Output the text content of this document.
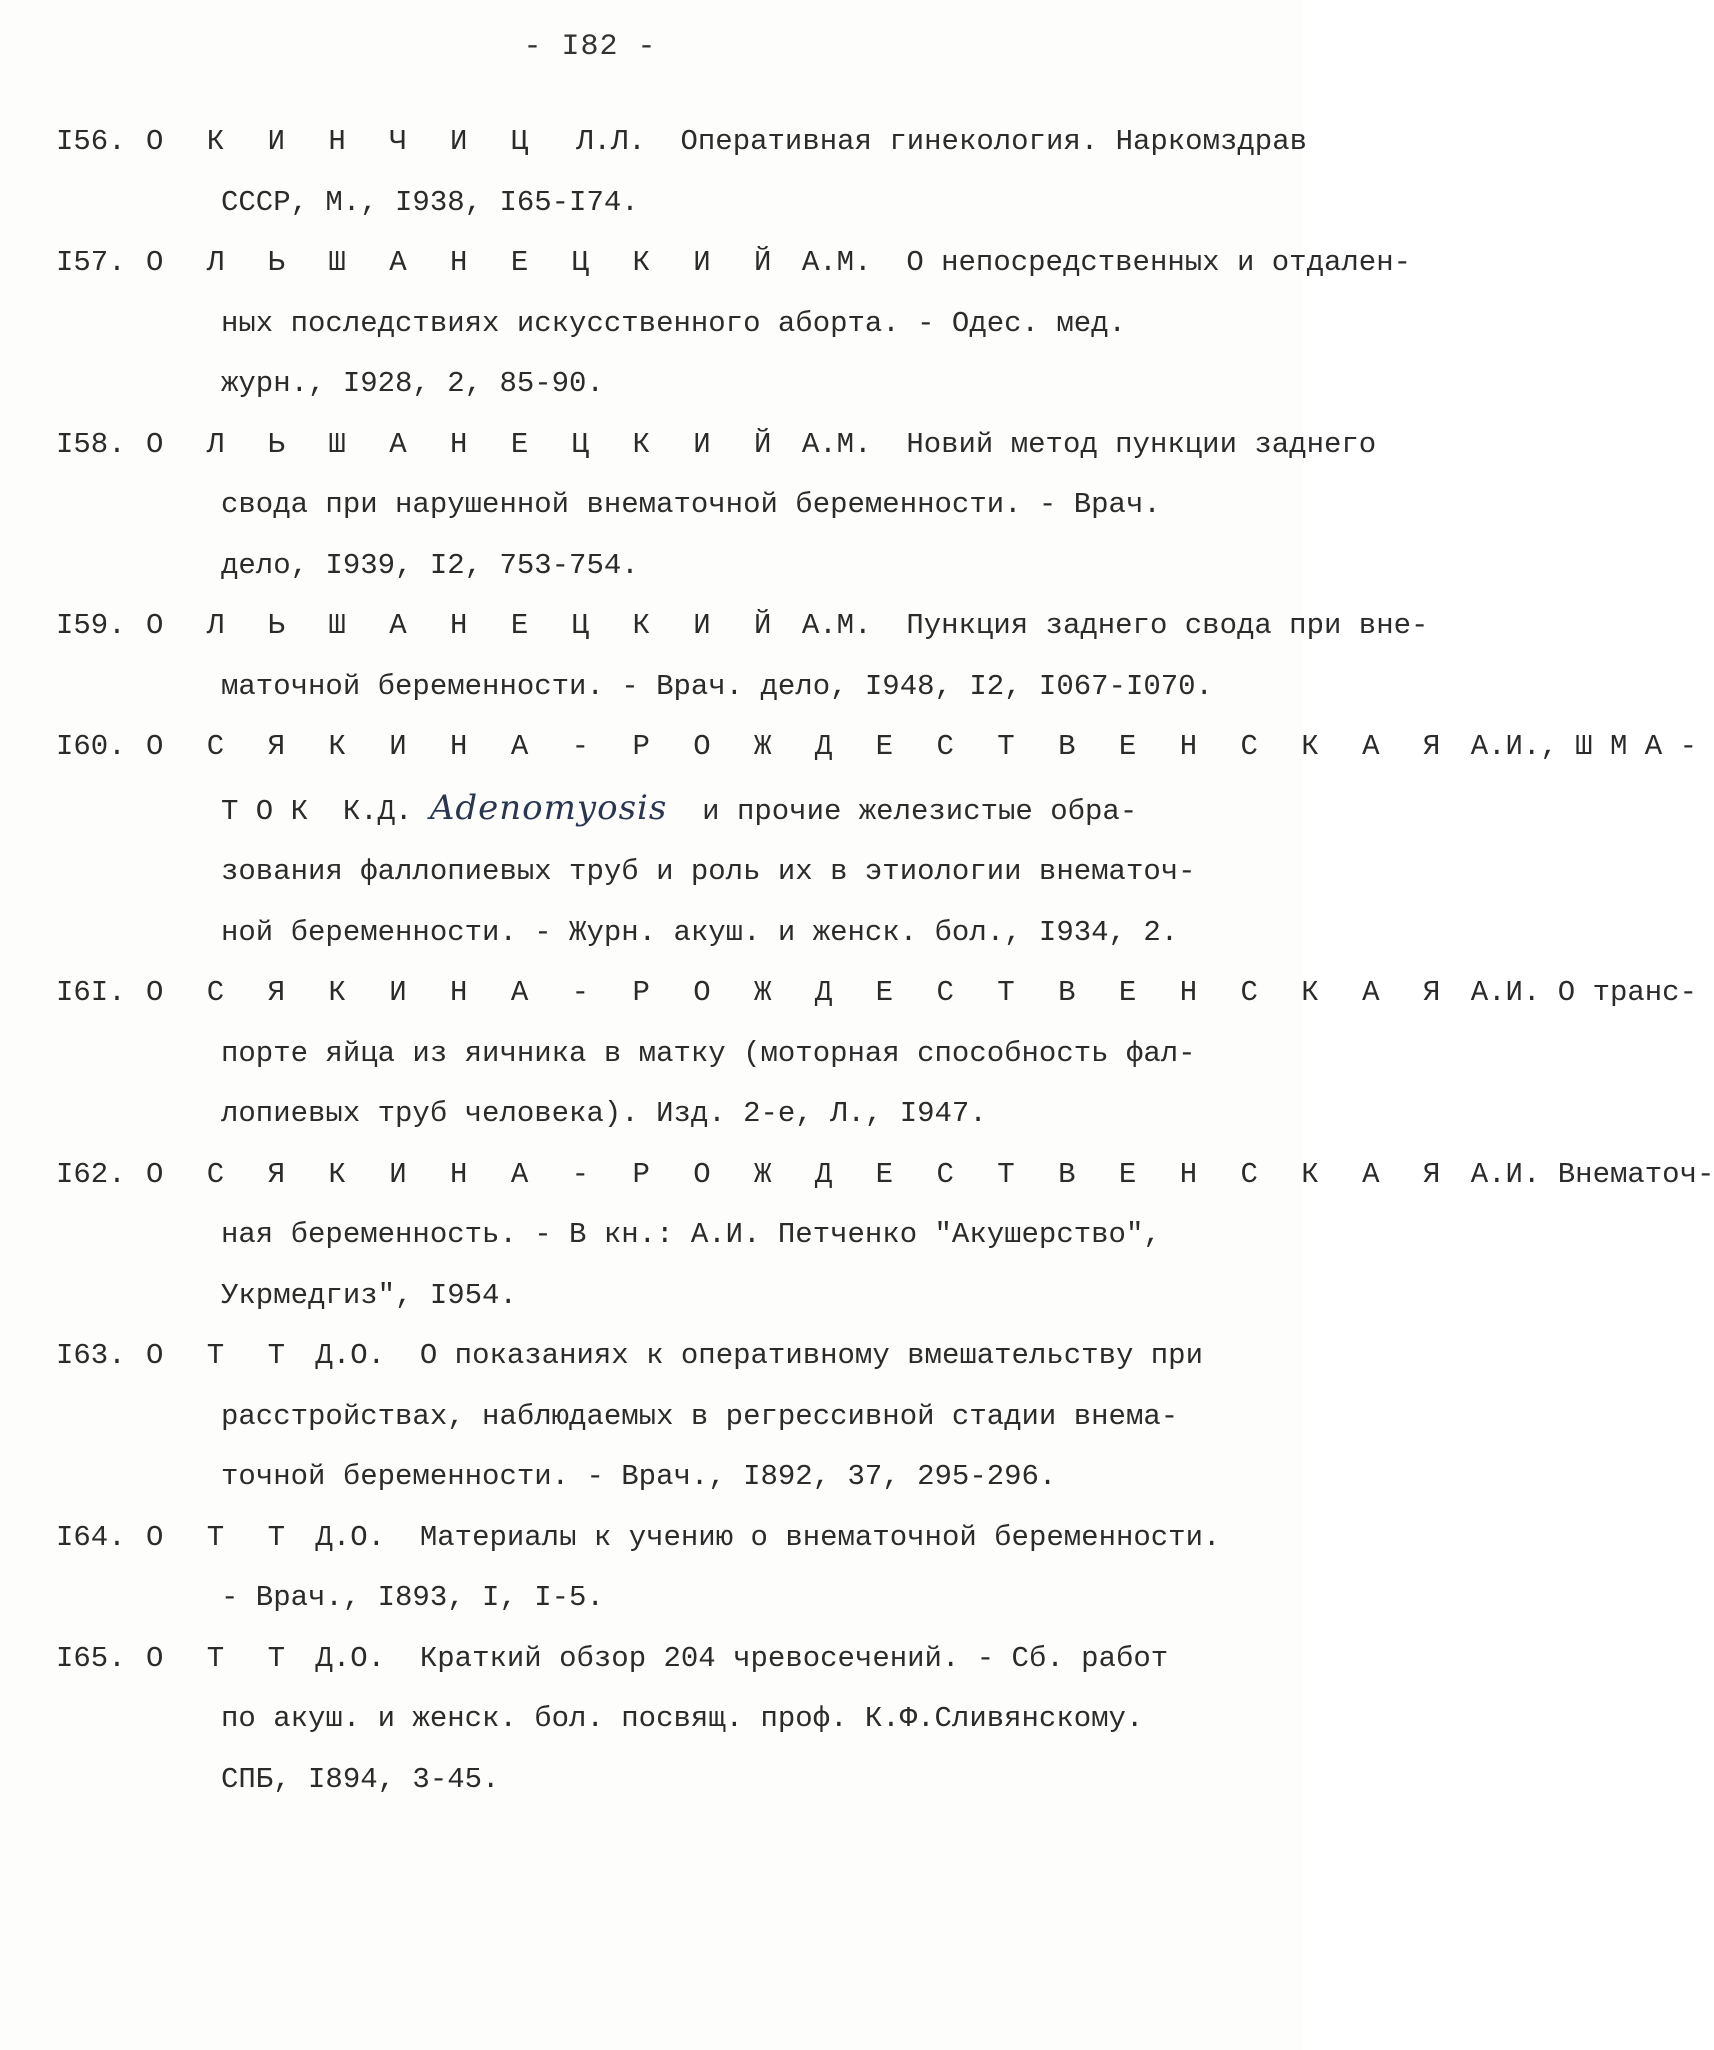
- I82 -
I56. О К И Н Ч И Ц Л.Л. Оперативная гинекология. Наркомздрав
СССР, М., I938, I65-I74.
I57. О Л Ь Ш А Н Е Ц К И Й А.М. О непосредственных и отдален-
ных последствиях искусственного аборта. - Одес. мед.
журн., I928, 2, 85-90.
I58. О Л Ь Ш А Н Е Ц К И Й А.М. Новий метод пункции заднего
свода при нарушенной внематочной беременности. - Врач.
дело, I939, I2, 753-754.
I59. О Л Ь Ш А Н Е Ц К И Й А.М. Пункция заднего свода при вне-
маточной беременности. - Врач. дело, I948, I2, I067-I070.
I60. О С Я К И Н А - Р О Ж Д Е С Т В Е Н С К А Я А.И., Ш М А -
Т О К  К.Д. Adenomyosis  и прочие железистые обра-
зования фаллопиевых труб и роль их в этиологии внематоч-
ной беременности. - Журн. акуш. и женск. бол., I934, 2.
I6I. О С Я К И Н А - Р О Ж Д Е С Т В Е Н С К А Я А.И. О транс-
порте яйца из яичника в матку (моторная способность фал-
лопиевых труб человека). Изд. 2-е, Л., I947.
I62. О С Я К И Н А - Р О Ж Д Е С Т В Е Н С К А Я А.И. Внематоч-
ная беременность. - В кн.: А.И. Петченко "Акушерство",
Укрмедгиз", I954.
I63. О Т Т Д.О. О показаниях к оперативному вмешательству при
расстройствах, наблюдаемых в регрессивной стадии внема-
точной беременности. - Врач., I892, 37, 295-296.
I64. О Т Т Д.О. Материалы к учению о внематочной беременности.
- Врач., I893, I, I-5.
I65. О Т Т Д.О. Краткий обзор 204 чревосечений. - Сб. работ
по акуш. и женск. бол. посвящ. проф. К.Ф.Сливянскому.
СПБ, I894, 3-45.
